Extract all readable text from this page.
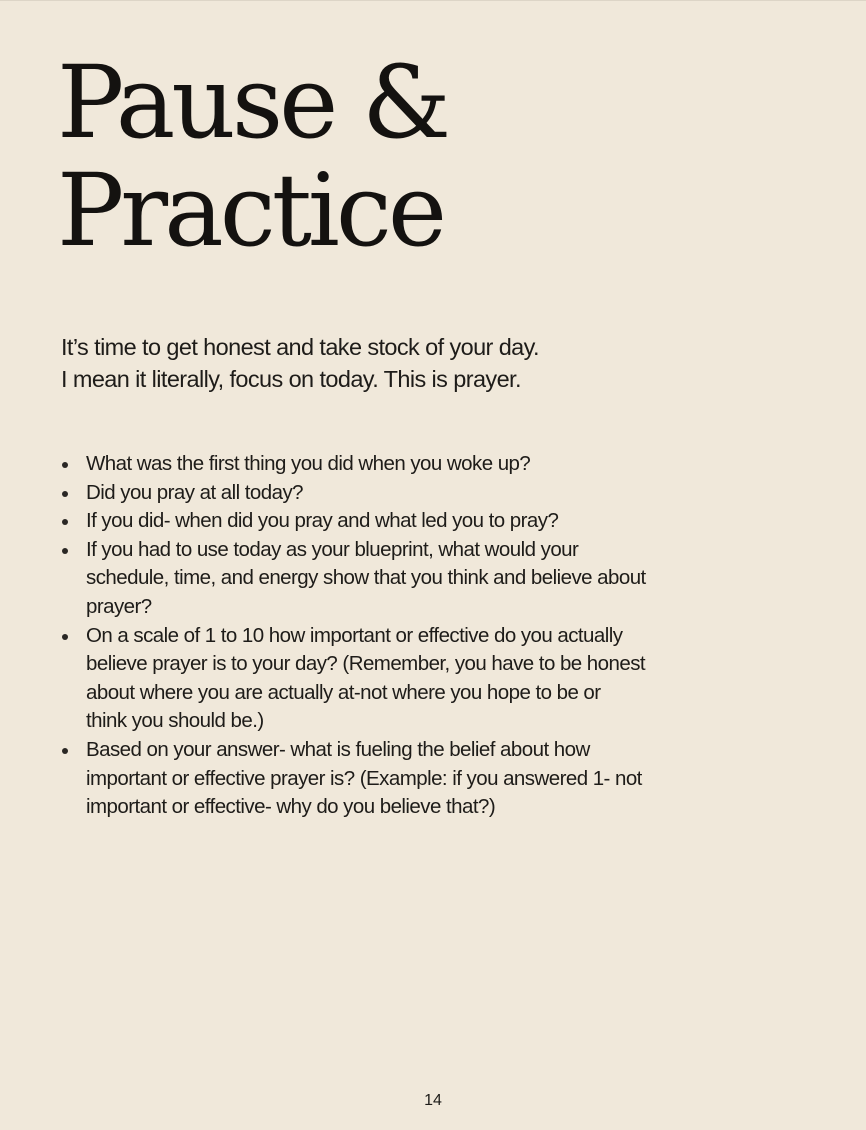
Pause &
Practice

It’s time to get honest and take stock of your day.
I mean it literally, focus on today. This is prayer.

What was the first thing you did when you woke up?
Did you pray at all today?
If you did- when did you pray and what led you to pray?
If you had to use today as your blueprint, what would your schedule, time, and energy show that you think and believe about prayer?
On a scale of 1 to 10 how important or effective do you actually believe prayer is to your day? (Remember, you have to be honest about where you are actually at-not where you hope to be or think you should be.)
Based on your answer- what is fueling the belief about how important or effective prayer is? (Example: if you answered 1- not important or effective- why do you believe that?)
14
